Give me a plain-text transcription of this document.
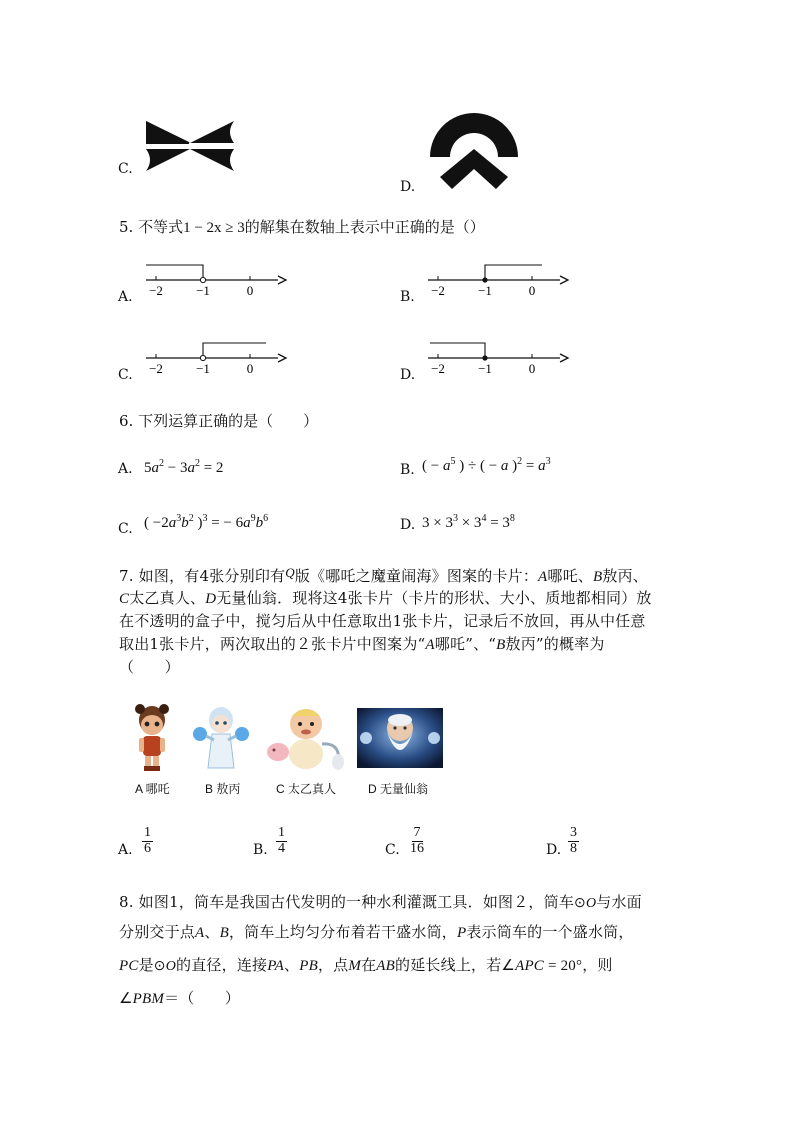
C.
D.
5. 不等式1 − 2x ≥ 3的解集在数轴上表示中正确的是（）
A. −2	−1	0	B. −2	−1	0
C. −2	−1	0	D. −2	−1	0
6. 下列运算正确的是（　　）
A. $5a^2 - 3a^2 = 2$	B. ( − $a^5$ ) ÷ ( − a )$^2 = a^3$
C. ( $-2a^3b^2$ )$^3$ = − $6a^9b^6$	D. $3 \times 3^3 \times 3^4 = 3^8$
7. 如图，有4张分别印有Q版《哪吒之魔童闹海》图案的卡片：A哪吒、B敖丙、
C太乙真人、D无量仙翁．现将这4张卡片（卡片的形状、大小、质地都相同）放
在不透明的盒子中，搅匀后从中任意取出1张卡片，记录后不放回，再从中任意
取出1张卡片，两次取出的２张卡片中图案为“A哪吒”、“B敖丙”的概率为
（　　）
A 哪吒	B 敖丙	C 太乙真人	D 无量仙翁
A. $\frac{1}{6}$	B. $\frac{1}{4}$	C. $\frac{7}{16}$	D. $\frac{3}{8}$
8. 如图1，筒车是我国古代发明的一种水利灌溉工具．如图２，筒车⊙O与水面
分别交于点A、B，筒车上均匀分布着若干盛水筒，P表示筒车的一个盛水筒，
PC是⊙O的直径，连接PA、PB，点M在AB的延长线上，若∠APC = 20°，则
∠PBM＝（　　）
